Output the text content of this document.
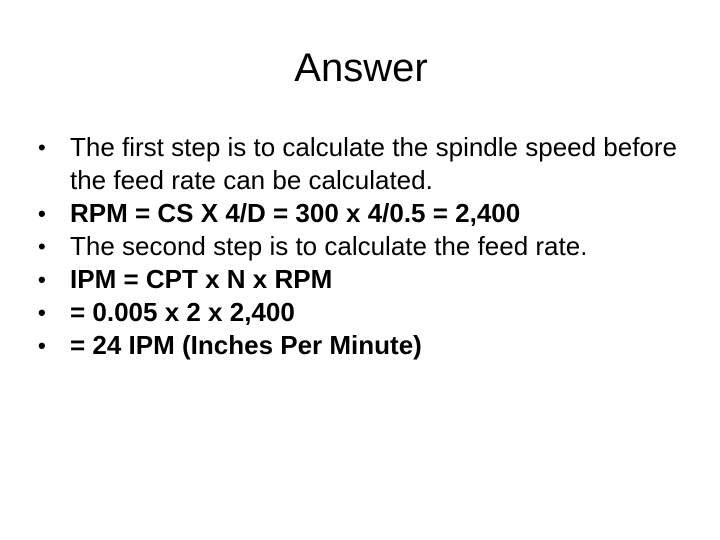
Answer
• The first step is to calculate the spindle speed before the feed rate can be calculated.
• RPM = CS X 4/D = 300 x 4/0.5 = 2,400
• The second step is to calculate the feed rate.
• IPM = CPT x N x RPM
• = 0.005 x 2 x 2,400
• = 24 IPM (Inches Per Minute)
